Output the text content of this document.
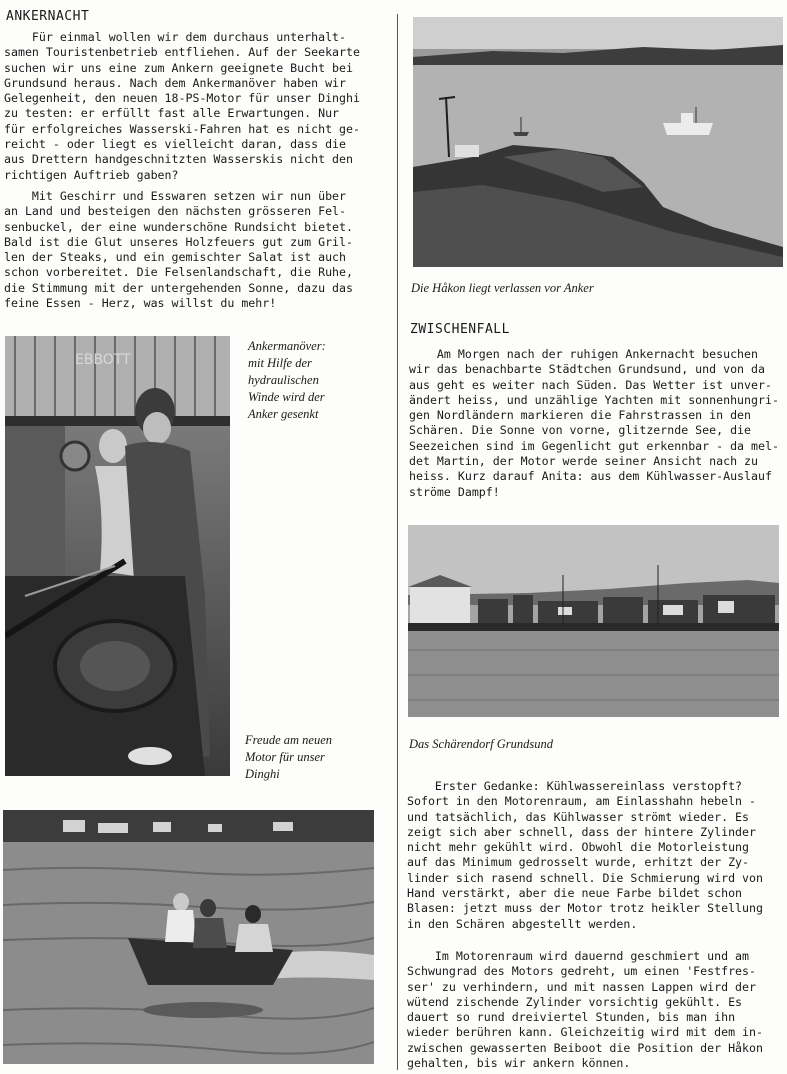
ANKERNACHT
Für einmal wollen wir dem durchaus unterhalt-
samen Touristenbetrieb entfliehen. Auf der Seekarte
suchen wir uns eine zum Ankern geeignete Bucht bei
Grundsund heraus. Nach dem Ankermanöver haben wir
Gelegenheit, den neuen 18-PS-Motor für unser Dinghi
zu testen: er erfüllt fast alle Erwartungen. Nur
für erfolgreiches Wasserski-Fahren hat es nicht ge-
reicht - oder liegt es vielleicht daran, dass die
aus Drettern handgeschnitzten Wasserskis nicht den
richtigen Auftrieb gaben?
Mit Geschirr und Esswaren setzen wir nun über
an Land und besteigen den nächsten grösseren Fel-
senbuckel, der eine wunderschöne Rundsicht bietet.
Bald ist die Glut unseres Holzfeuers gut zum Gril-
len der Steaks, und ein gemischter Salat ist auch
schon vorbereitet. Die Felsenlandschaft, die Ruhe,
die Stimmung mit der untergehenden Sonne, dazu das
feine Essen - Herz, was willst du mehr!
EBBOTT
Ankermanöver:
mit Hilfe der
hydraulischen
Winde wird der
Anker gesenkt
Freude am neuen
Motor für unser
Dinghi
Die Håkon liegt verlassen vor Anker
ZWISCHENFALL
Am Morgen nach der ruhigen Ankernacht besuchen
wir das benachbarte Städtchen Grundsund, und von da
aus geht es weiter nach Süden. Das Wetter ist unver-
ändert heiss, und unzählige Yachten mit sonnenhungri-
gen Nordländern markieren die Fahrstrassen in den
Schären. Die Sonne von vorne, glitzernde See, die
Seezeichen sind im Gegenlicht gut erkennbar - da mel-
det Martin, der Motor werde seiner Ansicht nach zu
heiss. Kurz darauf Anita: aus dem Kühlwasser-Auslauf
ströme Dampf!
Das Schärendorf Grundsund
Erster Gedanke: Kühlwassereinlass verstopft?
Sofort in den Motorenraum, am Einlasshahn hebeln -
und tatsächlich, das Kühlwasser strömt wieder. Es
zeigt sich aber schnell, dass der hintere Zylinder
nicht mehr gekühlt wird. Obwohl die Motorleistung
auf das Minimum gedrosselt wurde, erhitzt der Zy-
linder sich rasend schnell. Die Schmierung wird von
Hand verstärkt, aber die neue Farbe bildet schon
Blasen: jetzt muss der Motor trotz heikler Stellung
in den Schären abgestellt werden.
Im Motorenraum wird dauernd geschmiert und am
Schwungrad des Motors gedreht, um einen 'Festfres-
ser' zu verhindern, und mit nassen Lappen wird der
wütend zischende Zylinder vorsichtig gekühlt. Es
dauert so rund dreiviertel Stunden, bis man ihn
wieder berühren kann. Gleichzeitig wird mit dem in-
zwischen gewasserten Beiboot die Position der Håkon
gehalten, bis wir ankern können.
